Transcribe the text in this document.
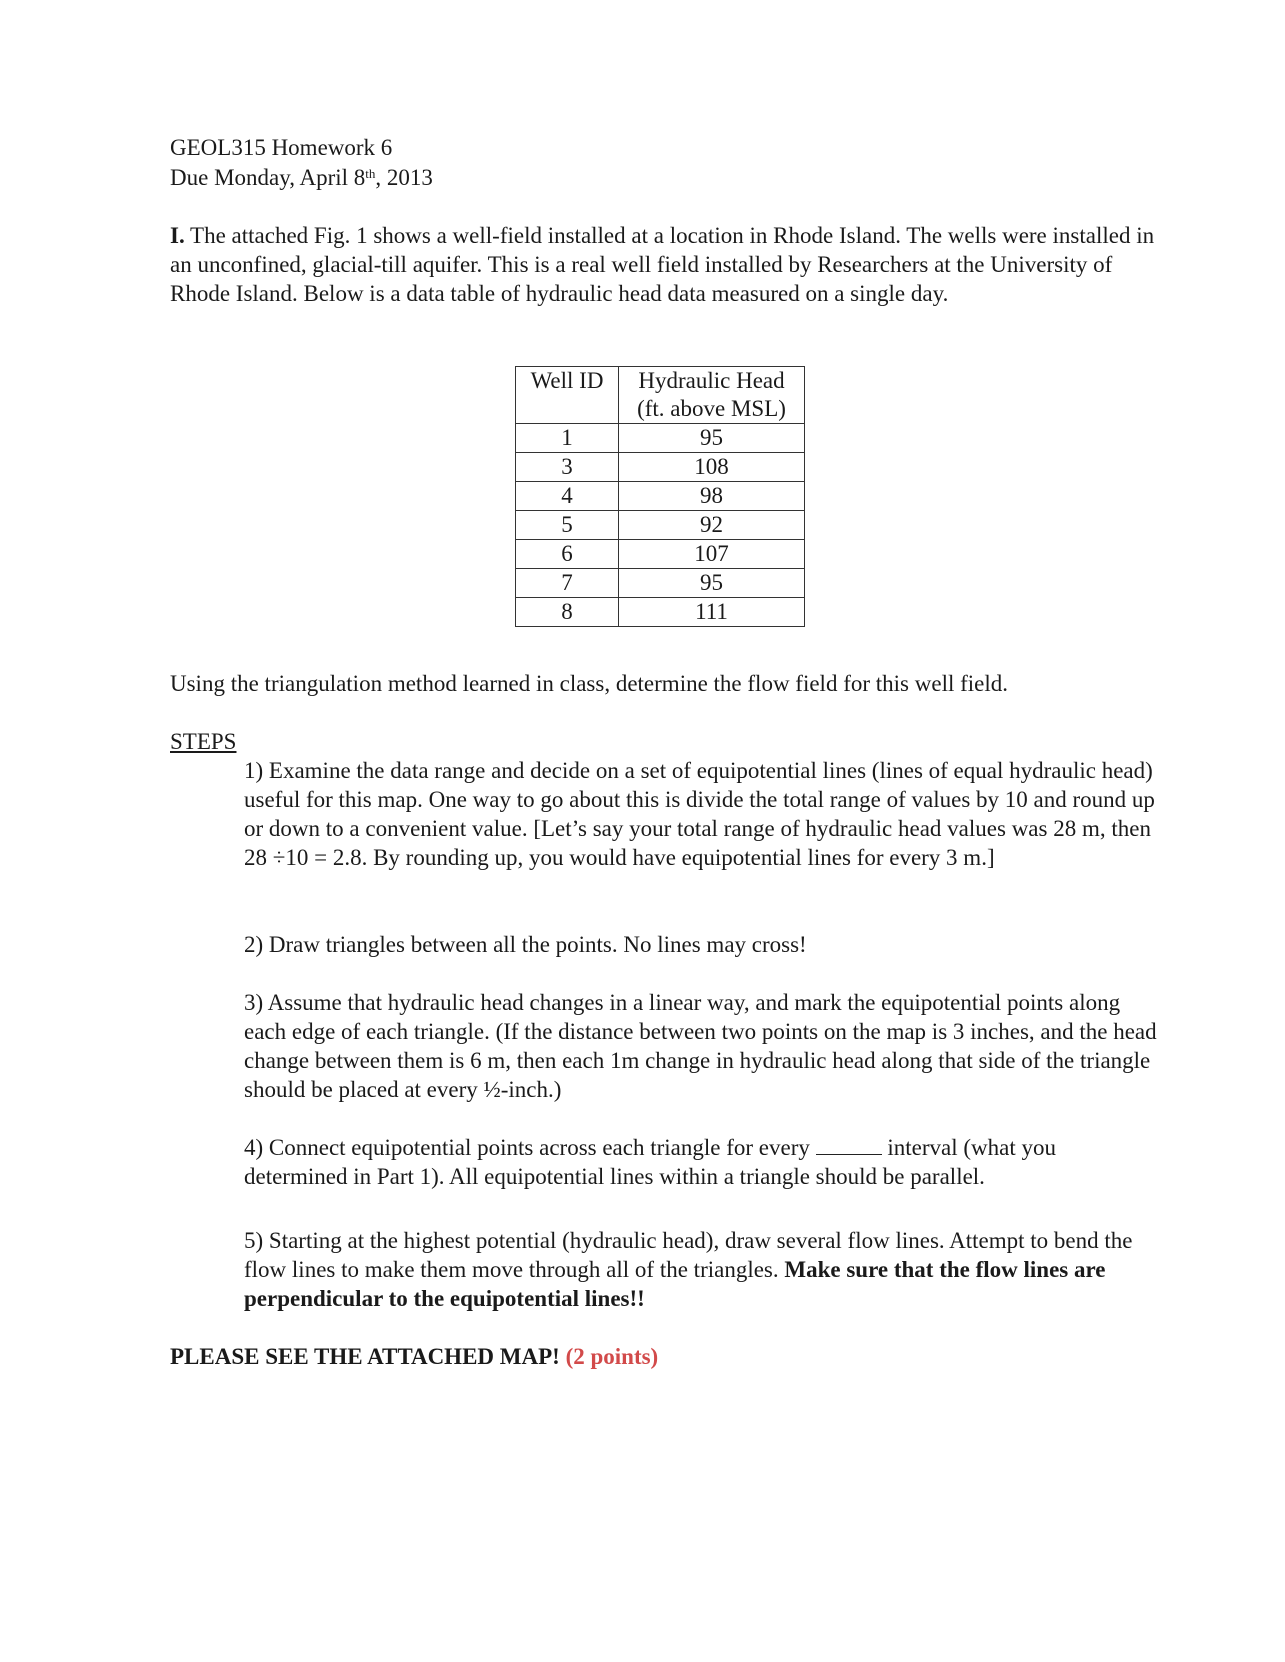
GEOL315 Homework 6
Due Monday, April 8th, 2013
I. The attached Fig. 1 shows a well-field installed at a location in Rhode Island. The wells were installed in an unconfined, glacial-till aquifer. This is a real well field installed by Researchers at the University of Rhode Island. Below is a data table of hydraulic head data measured on a single day.
Well ID	Hydraulic Head
(ft. above MSL)

1	95
3	108
4	98
5	92
6	107
7	95
8	111
Using the triangulation method learned in class, determine the flow field for this well field.
STEPS
1) Examine the data range and decide on a set of equipotential lines (lines of equal hydraulic head) useful for this map. One way to go about this is divide the total range of values by 10 and round up or down to a convenient value. [Let’s say your total range of hydraulic head values was 28 m, then 28 ÷10 = 2.8. By rounding up, you would have equipotential lines for every 3 m.]
2) Draw triangles between all the points. No lines may cross!
3) Assume that hydraulic head changes in a linear way, and mark the equipotential points along each edge of each triangle. (If the distance between two points on the map is 3 inches, and the head change between them is 6 m, then each 1m change in hydraulic head along that side of the triangle should be placed at every ½-inch.)
4) Connect equipotential points across each triangle for every	interval (what you determined in Part 1). All equipotential lines within a triangle should be parallel.
5) Starting at the highest potential (hydraulic head), draw several flow lines. Attempt to bend the flow lines to make them move through all of the triangles. Make sure that the flow lines are perpendicular to the equipotential lines!!
PLEASE SEE THE ATTACHED MAP! (2 points)
